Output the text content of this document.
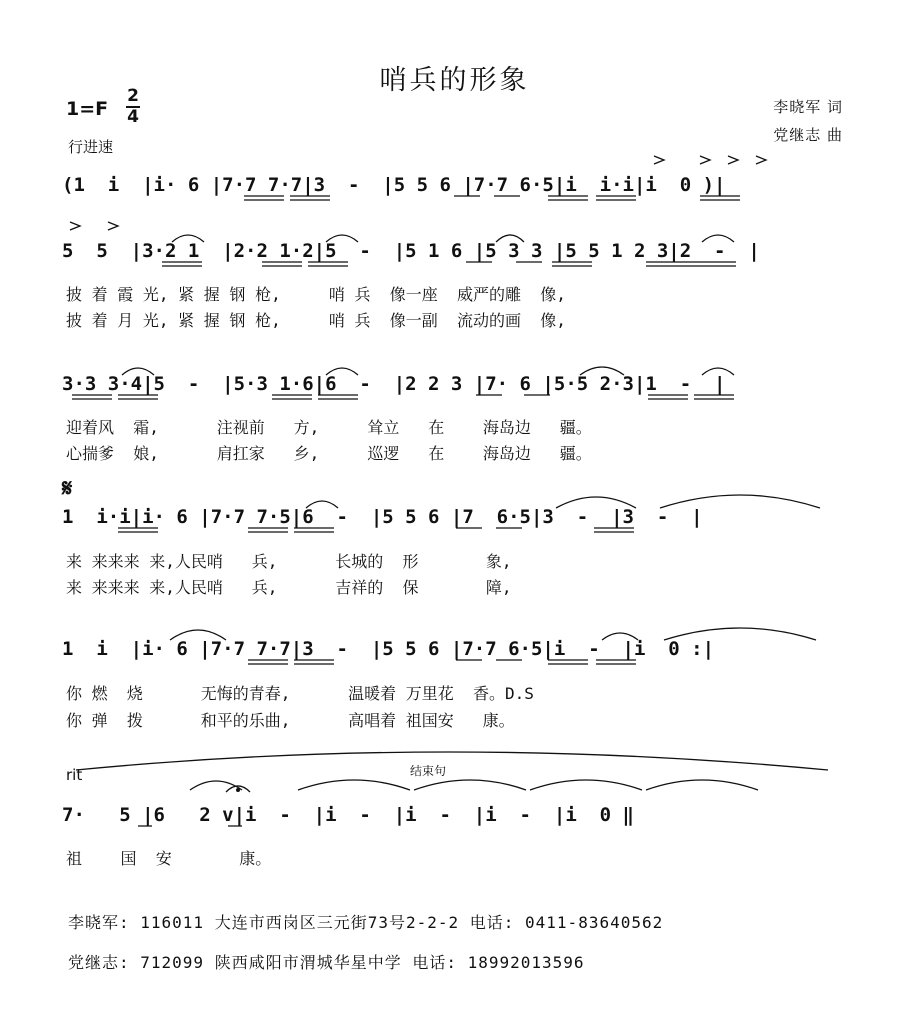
哨兵的形象
1=F
2
4
行进速
李晓军 词
党继志 曲
(1  i  |i· 6 |7·7 7·7|3  -  |5 5 6 |7·7 6·5|i  i·i|i  0 )|
5  5  |3·2 1  |2·2 1·2|5  -  |5 1 6 |5 3 3 |5 5 1 2 3|2  -  |
披 着 霞 光, 紧 握 钢 枪,     哨 兵  像一座  威严的雕  像,
披 着 月 光, 紧 握 钢 枪,     哨 兵  像一副  流动的画  像,
3·3 3·4|5  -  |5·3 1·6|6  -  |2 2 3 |7· 6 |5·5 2·3|1  -  |
迎着风  霜,      注视前   方,     耸立   在    海岛边   疆。
心揣爹  娘,      肩扛家   乡,     巡逻   在    海岛边   疆。
𝄋
1  i·i|i· 6 |7·7 7·5|6  -  |5 5 6 |7  6·5|3  -  |3  -  |
来 来来来 来,人民哨   兵,      长城的  形       象,
来 来来来 来,人民哨   兵,      吉祥的  保       障,
1  i  |i· 6 |7·7 7·7|3  -  |5 5 6 |7·7 6·5|i  -  |i  0 :|
你 燃  烧      无悔的青春,      温暖着 万里花  香。D.S
你 弹  拨      和平的乐曲,      高唱着 祖国安   康。
rit	结束句
7·   5 |6   2 v|i  -  |i  -  |i  -  |i  -  |i  0 ‖
祖    国  安       康。
李晓军: 116011 大连市西岗区三元街73号2-2-2 电话: 0411-83640562
党继志: 712099 陕西咸阳市渭城华星中学 电话: 18992013596
